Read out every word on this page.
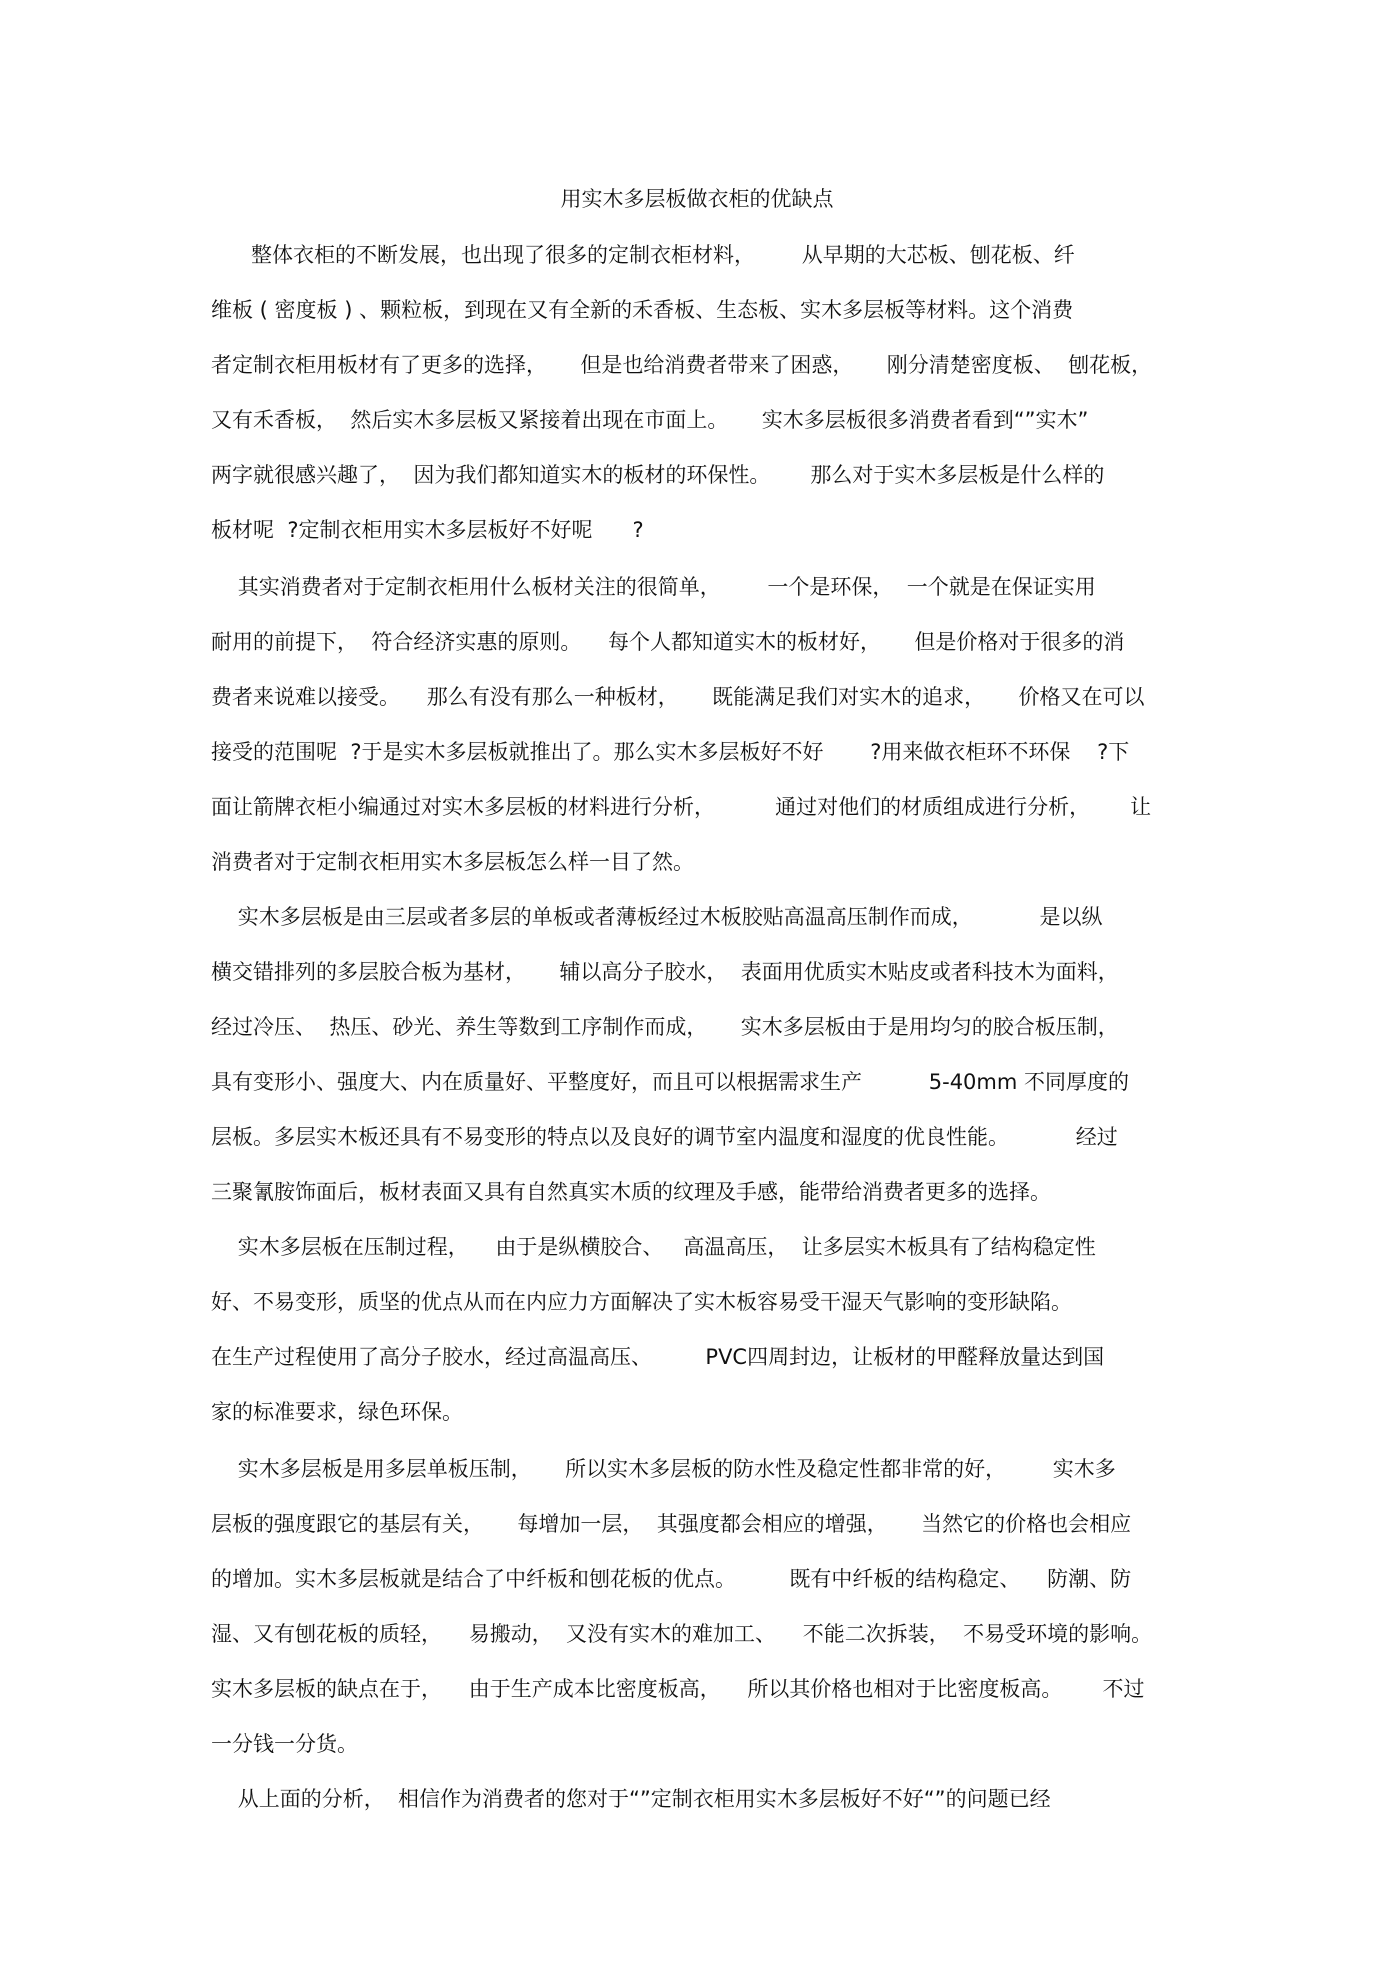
用实木多层板做衣柜的优缺点

整体衣柜的不断发展，也出现了很多的定制衣柜材料，       从早期的大芯板、刨花板、纤

维板 ( 密度板 ) 、颗粒板，到现在又有全新的禾香板、生态板、实木多层板等材料。这个消费

者定制衣柜用板材有了更多的选择，     但是也给消费者带来了困惑，     刚分清楚密度板、  刨花板，

又有禾香板，  然后实木多层板又紧接着出现在市面上。     实木多层板很多消费者看到“”实木”

两字就很感兴趣了，  因为我们都知道实木的板材的环保性。      那么对于实木多层板是什么样的

板材呢  ?定制衣柜用实木多层板好不好呢      ?

其实消费者对于定制衣柜用什么板材关注的很简单，       一个是环保，  一个就是在保证实用

耐用的前提下，  符合经济实惠的原则。    每个人都知道实木的板材好，     但是价格对于很多的消

费者来说难以接受。    那么有没有那么一种板材，     既能满足我们对实木的追求，     价格又在可以

接受的范围呢  ?于是实木多层板就推出了。那么实木多层板好不好       ?用来做衣柜环不环保    ?下

面让箭牌衣柜小编通过对实木多层板的材料进行分析，         通过对他们的材质组成进行分析，      让

消费者对于定制衣柜用实木多层板怎么样一目了然。

实木多层板是由三层或者多层的单板或者薄板经过木板胶贴高温高压制作而成，          是以纵

横交错排列的多层胶合板为基材，     辅以高分子胶水，  表面用优质实木贴皮或者科技木为面料，

经过冷压、  热压、砂光、养生等数到工序制作而成，     实木多层板由于是用均匀的胶合板压制，

具有变形小、强度大、内在质量好、平整度好，而且可以根据需求生产          5-40mm 不同厚度的

层板。多层实木板还具有不易变形的特点以及良好的调节室内温度和湿度的优良性能。          经过

三聚氰胺饰面后，板材表面又具有自然真实木质的纹理及手感，能带给消费者更多的选择。

实木多层板在压制过程，    由于是纵横胶合、   高温高压，  让多层实木板具有了结构稳定性

好、不易变形，质坚的优点从而在内应力方面解决了实木板容易受干湿天气影响的变形缺陷。

在生产过程使用了高分子胶水，经过高温高压、        PVC四周封边，让板材的甲醛释放量达到国

家的标准要求，绿色环保。

实木多层板是用多层单板压制，     所以实木多层板的防水性及稳定性都非常的好，       实木多

层板的强度跟它的基层有关，     每增加一层，  其强度都会相应的增强，     当然它的价格也会相应

的增加。实木多层板就是结合了中纤板和刨花板的优点。        既有中纤板的结构稳定、    防潮、防

湿、又有刨花板的质轻，    易搬动，  又没有实木的难加工、    不能二次拆装，  不易受环境的影响。

实木多层板的缺点在于，    由于生产成本比密度板高，    所以其价格也相对于比密度板高。      不过

一分钱一分货。

从上面的分析，  相信作为消费者的您对于“”定制衣柜用实木多层板好不好“”的问题已经
